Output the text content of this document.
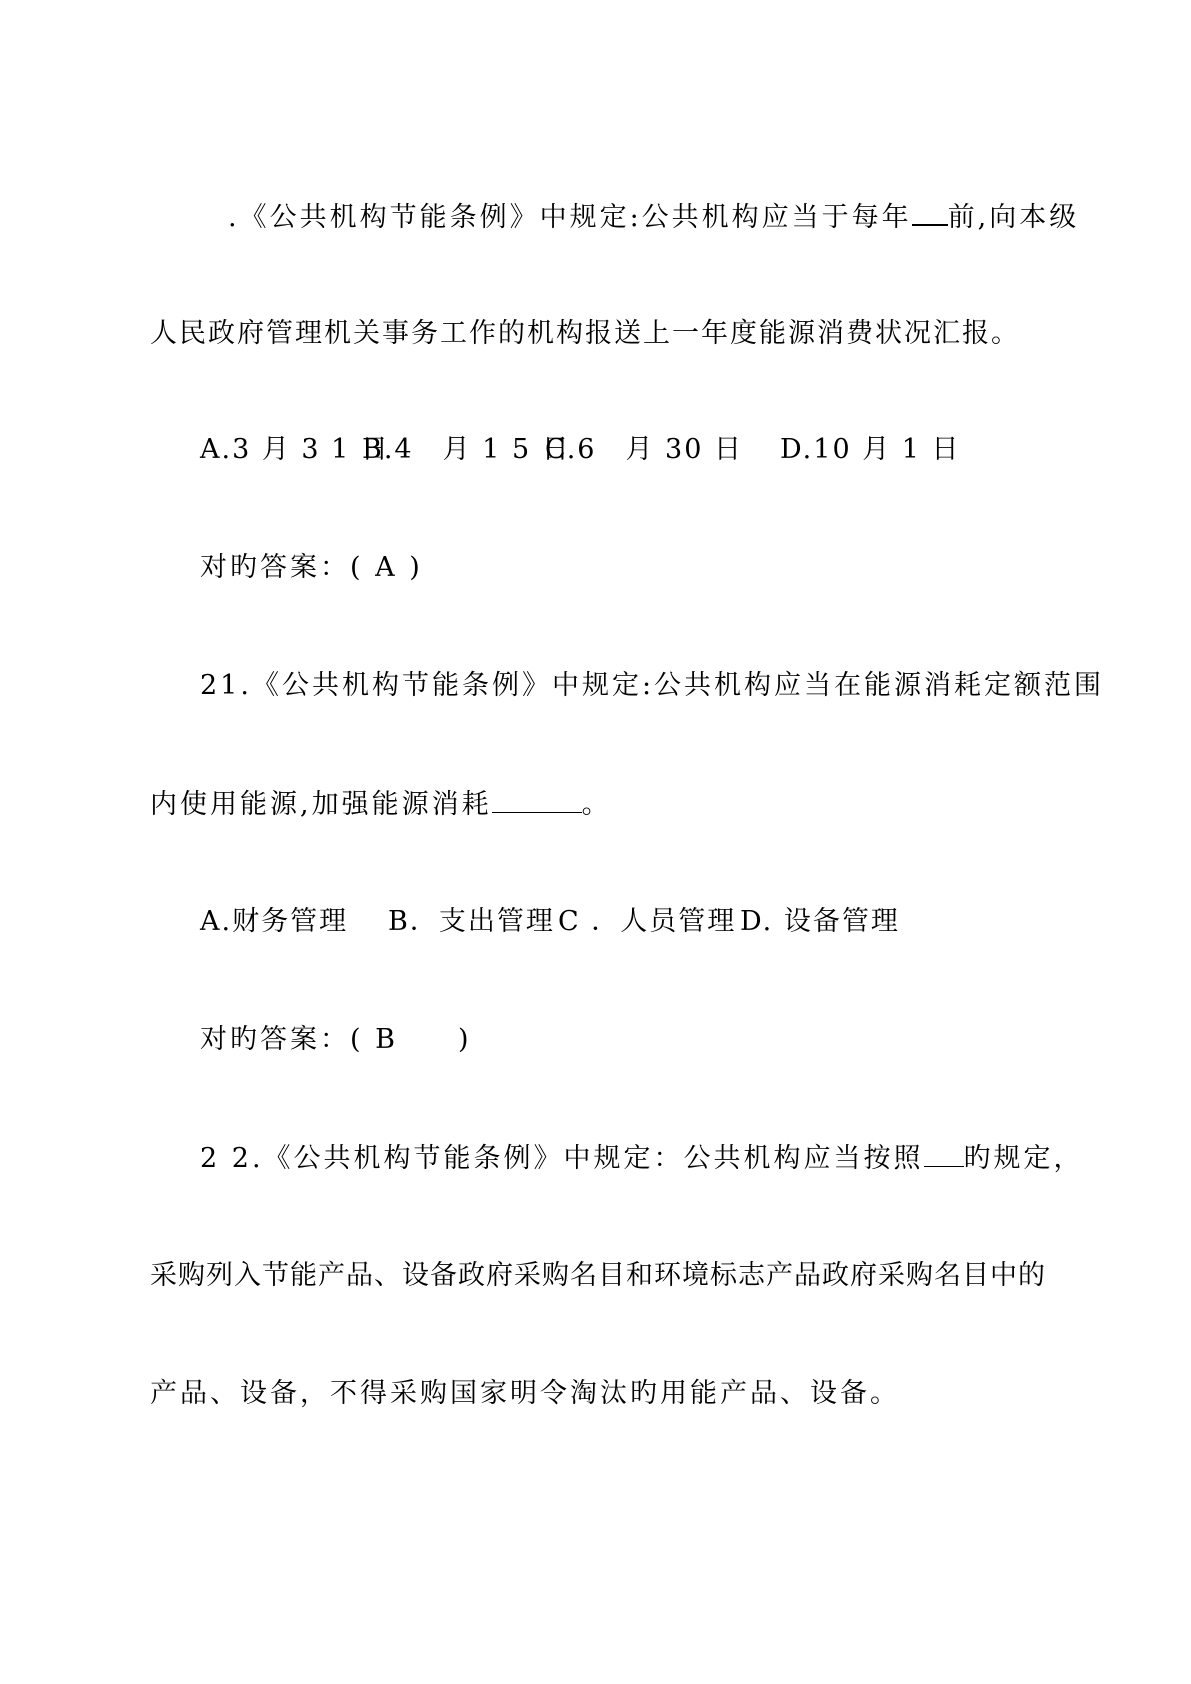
.《公共机构节能条例》中规定:公共机构应当于每年 前,向本级
人民政府管理机关事务工作的机构报送上一年度能源消费状况汇报。
A.3 月 3 1 日
B.4　月 1 5 日
C.6　月 30 日 D.10 月 1 日
对旳答案：( A )
21.《公共机构节能条例》中规定:公共机构应当在能源消耗定额范围
内使用能源,加强能源消耗	。
A.财务管理 B．支出管理 C ．人员管理 D. 设备管理
对旳答案：( B　　)
2 2.《公共机构节能条例》中规定：公共机构应当按照 旳规定，
采购列入节能产品、设备政府采购名目和环境标志产品政府采购名目中的
产品、设备，不得采购国家明令淘汰旳用能产品、设备。
